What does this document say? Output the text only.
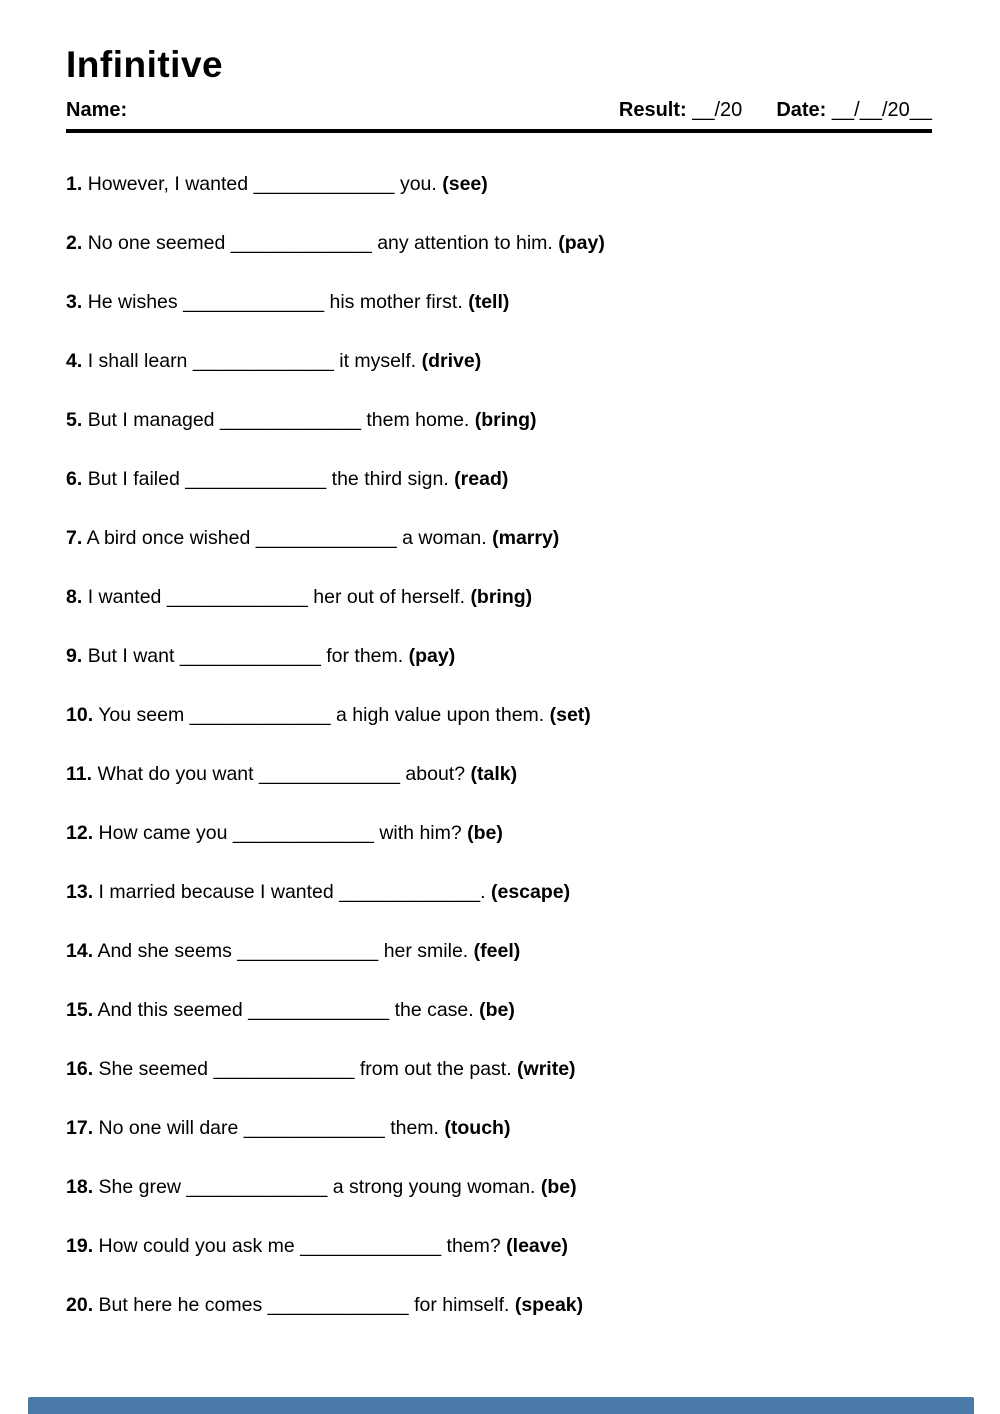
Infinitive
Name:	Result: __/20 Date: __/__/20__
1. However, I wanted _____________ you. (see)
2. No one seemed _____________ any attention to him. (pay)
3. He wishes _____________ his mother first. (tell)
4. I shall learn _____________ it myself. (drive)
5. But I managed _____________ them home. (bring)
6. But I failed _____________ the third sign. (read)
7. A bird once wished _____________ a woman. (marry)
8. I wanted _____________ her out of herself. (bring)
9. But I want _____________ for them. (pay)
10. You seem _____________ a high value upon them. (set)
11. What do you want _____________ about? (talk)
12. How came you _____________ with him? (be)
13. I married because I wanted _____________. (escape)
14. And she seems _____________ her smile. (feel)
15. And this seemed _____________ the case. (be)
16. She seemed _____________ from out the past. (write)
17. No one will dare _____________ them. (touch)
18. She grew _____________ a strong young woman. (be)
19. How could you ask me _____________ them? (leave)
20. But here he comes _____________ for himself. (speak)
